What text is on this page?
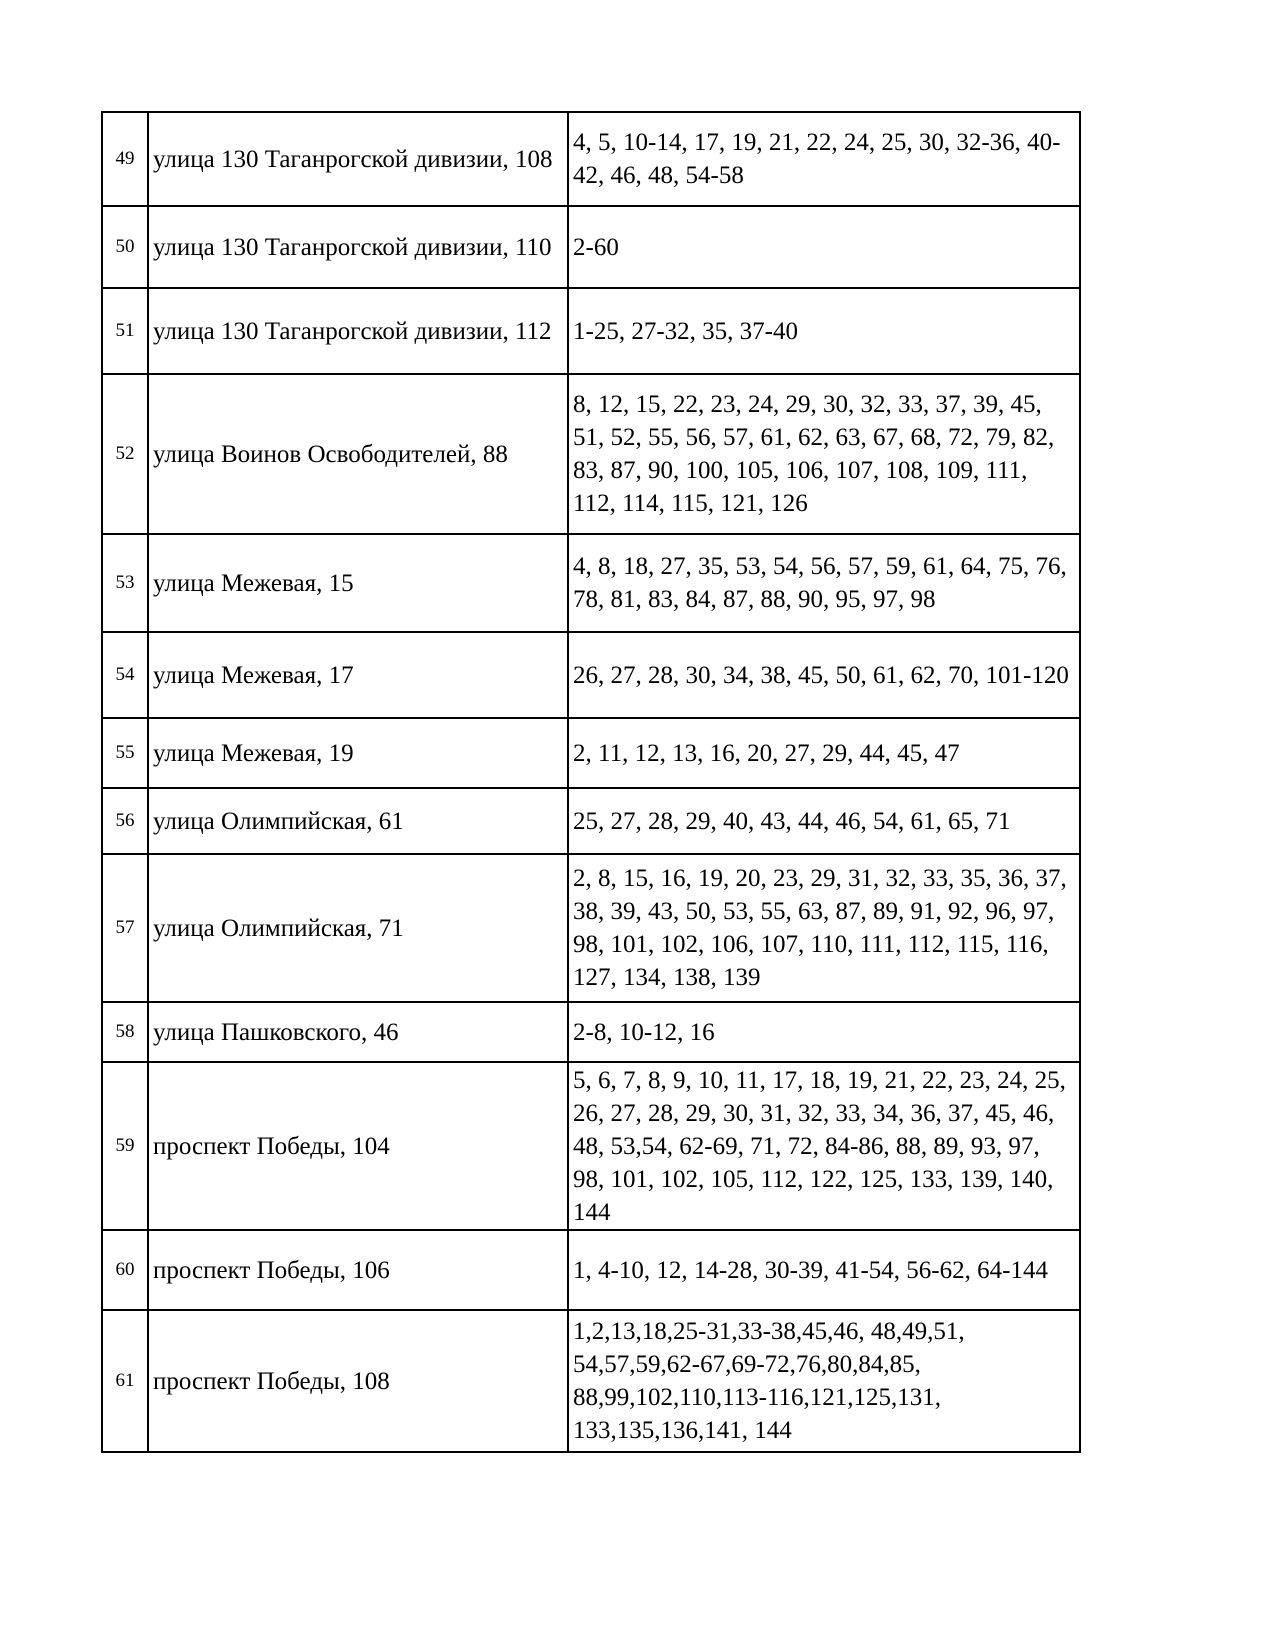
49	улица 130 Таганрогской дивизии, 108	4, 5, 10-14, 17, 19, 21, 22, 24, 25, 30, 32-36, 40-42, 46, 48, 54-58
50	улица 130 Таганрогской дивизии, 110	2-60
51	улица 130 Таганрогской дивизии, 112	1-25, 27-32, 35, 37-40
52	улица Воинов Освободителей, 88	8, 12, 15, 22, 23, 24, 29, 30, 32, 33, 37, 39, 45, 51, 52, 55, 56, 57, 61, 62, 63, 67, 68, 72, 79, 82, 83, 87, 90, 100, 105, 106, 107, 108, 109, 111, 112, 114, 115, 121, 126
53	улица Межевая, 15	4, 8, 18, 27, 35, 53, 54, 56, 57, 59, 61, 64, 75, 76, 78, 81, 83, 84, 87, 88, 90, 95, 97, 98
54	улица Межевая, 17	26, 27, 28, 30, 34, 38, 45, 50, 61, 62, 70, 101-120
55	улица Межевая, 19	2, 11, 12, 13, 16, 20, 27, 29, 44, 45, 47
56	улица Олимпийская, 61	25, 27, 28, 29, 40, 43, 44, 46, 54, 61, 65, 71
57	улица Олимпийская, 71	2, 8, 15, 16, 19, 20, 23, 29, 31, 32, 33, 35, 36, 37, 38, 39, 43, 50, 53, 55, 63, 87, 89, 91, 92, 96, 97, 98, 101, 102, 106, 107, 110, 111, 112, 115, 116, 127, 134, 138, 139
58	улица Пашковского, 46	2-8, 10-12, 16
59	проспект Победы, 104	5, 6, 7, 8, 9, 10, 11, 17, 18, 19, 21, 22, 23, 24, 25, 26, 27, 28, 29, 30, 31, 32, 33, 34, 36, 37, 45, 46, 48, 53,54, 62-69, 71, 72, 84-86, 88, 89, 93, 97, 98, 101, 102, 105, 112, 122, 125, 133, 139, 140, 144
60	проспект Победы, 106	1, 4-10, 12, 14-28, 30-39, 41-54, 56-62, 64-144
61	проспект Победы, 108	1,2,13,18,25-31,33-38,45,46, 48,49,51, 54,57,59,62-67,69-72,76,80,84,85, 88,99,102,110,113-116,121,125,131, 133,135,136,141, 144
